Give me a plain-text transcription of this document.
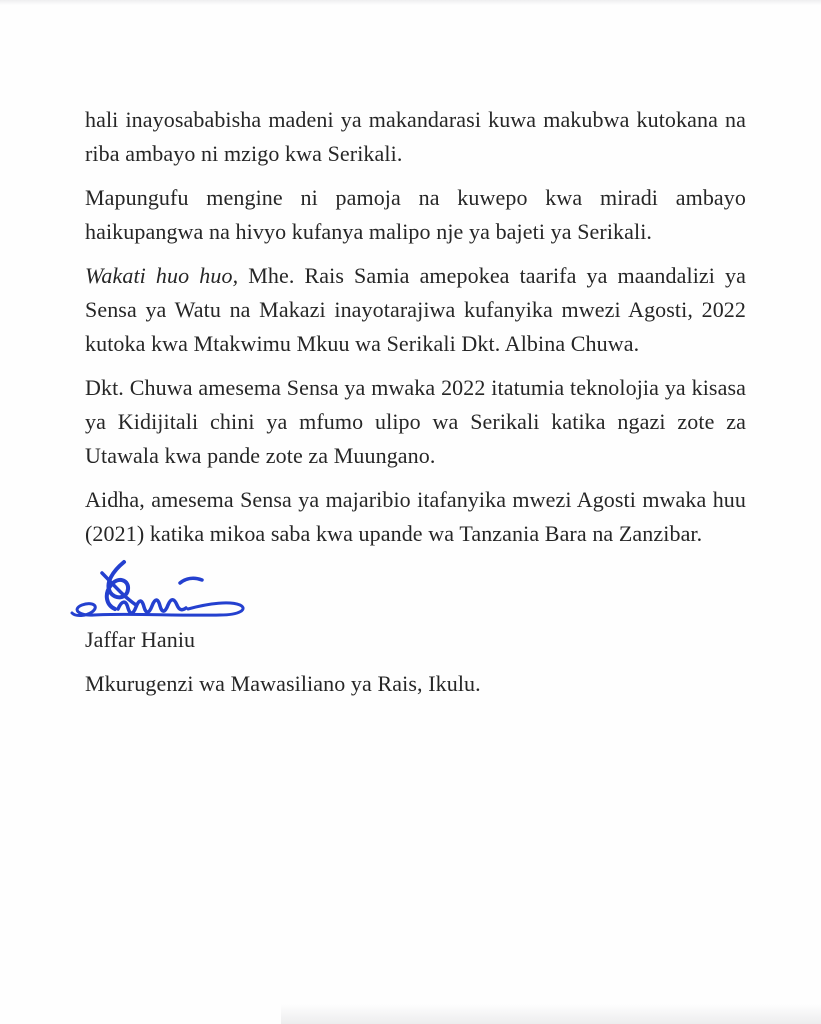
hali inayosababisha madeni ya makandarasi kuwa makubwa kutokana na riba ambayo ni mzigo kwa Serikali.

Mapungufu mengine ni pamoja na kuwepo kwa miradi ambayo haikupangwa na hivyo kufanya malipo nje ya bajeti ya Serikali.

Wakati huo huo, Mhe. Rais Samia amepokea taarifa ya maandalizi ya Sensa ya Watu na Makazi inayotarajiwa kufanyika mwezi Agosti, 2022 kutoka kwa Mtakwimu Mkuu wa Serikali Dkt. Albina Chuwa.

Dkt. Chuwa amesema Sensa ya mwaka 2022 itatumia teknolojia ya kisasa ya Kidijitali chini ya mfumo ulipo wa Serikali katika ngazi zote za Utawala kwa pande zote za Muungano.

Aidha, amesema Sensa ya majaribio itafanyika mwezi Agosti mwaka huu (2021) katika mikoa saba kwa upande wa Tanzania Bara na Zanzibar.

Jaffar Haniu

Mkurugenzi wa Mawasiliano ya Rais, Ikulu.
